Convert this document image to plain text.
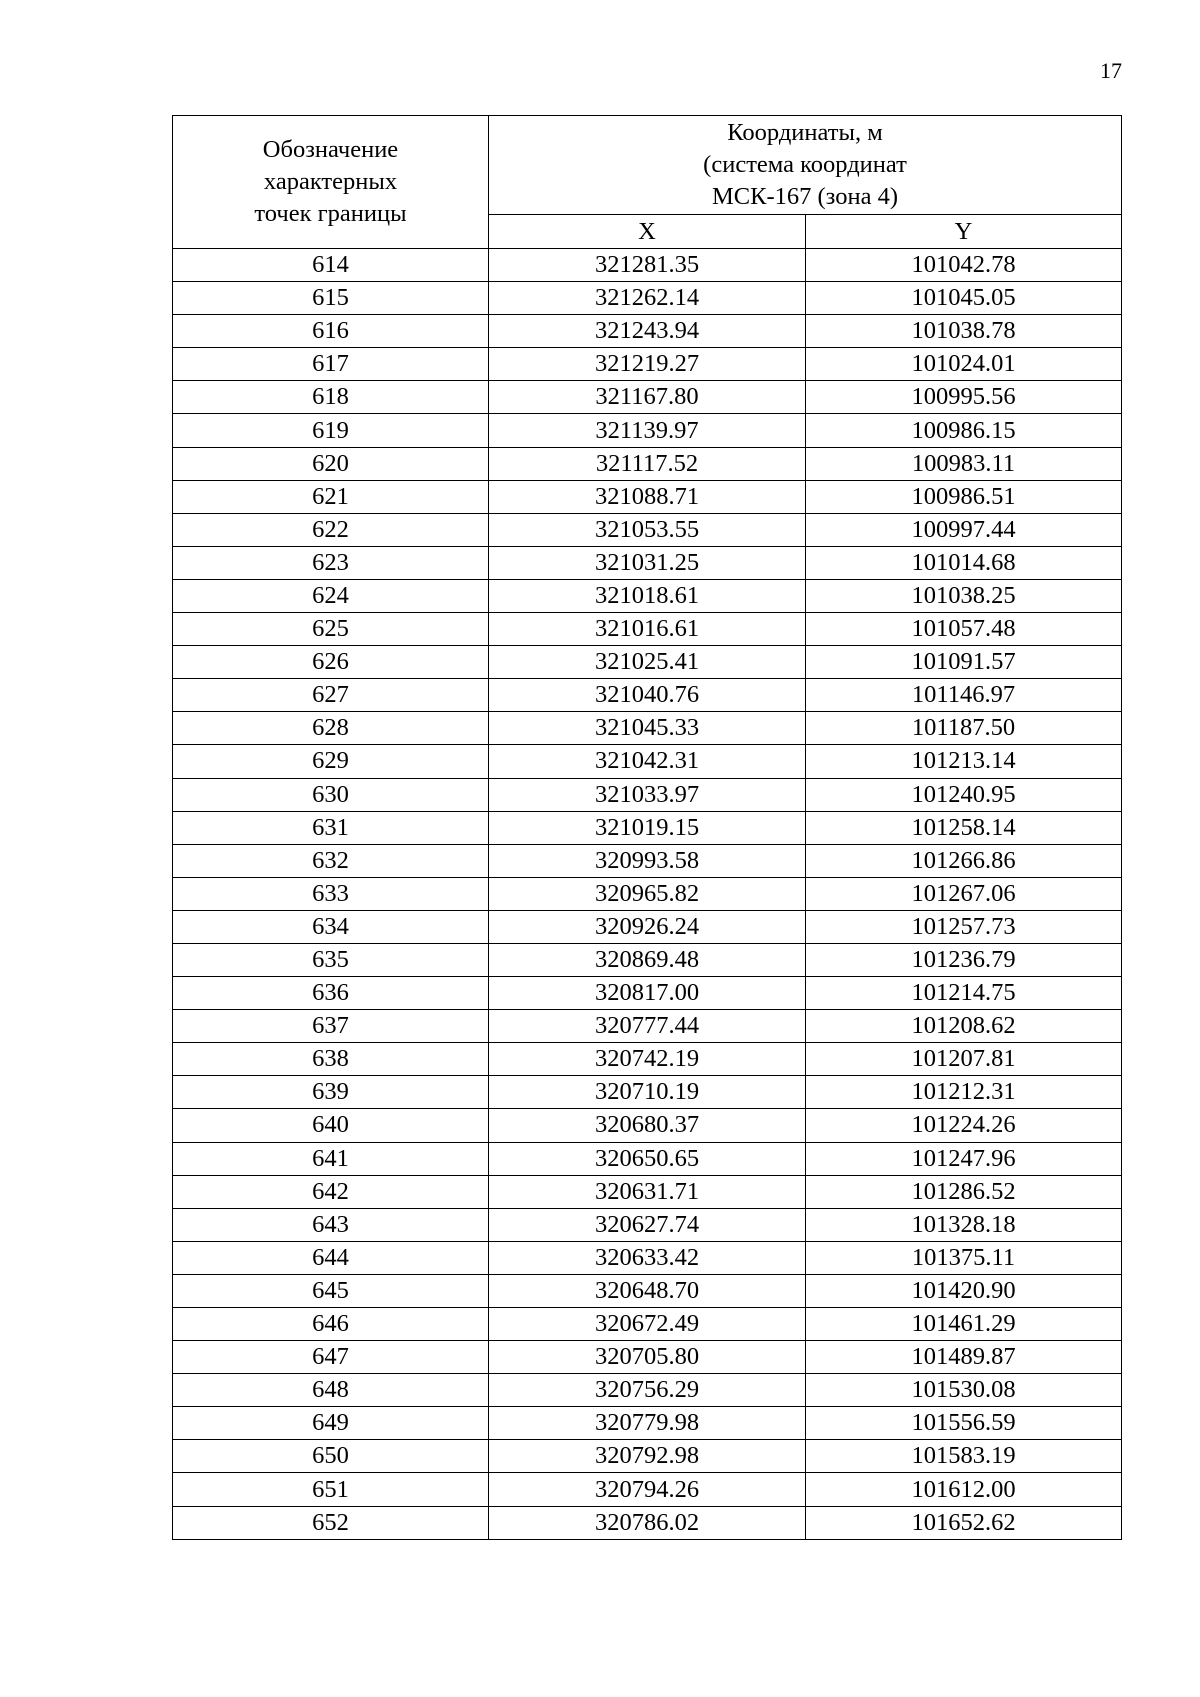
17
Обозначение
характерных
точек границы	Координаты, м
(система координат
МСК-167 (зона 4)	

	X	Y
614	321281.35	101042.78
615	321262.14	101045.05
616	321243.94	101038.78
617	321219.27	101024.01
618	321167.80	100995.56
619	321139.97	100986.15
620	321117.52	100983.11
621	321088.71	100986.51
622	321053.55	100997.44
623	321031.25	101014.68
624	321018.61	101038.25
625	321016.61	101057.48
626	321025.41	101091.57
627	321040.76	101146.97
628	321045.33	101187.50
629	321042.31	101213.14
630	321033.97	101240.95
631	321019.15	101258.14
632	320993.58	101266.86
633	320965.82	101267.06
634	320926.24	101257.73
635	320869.48	101236.79
636	320817.00	101214.75
637	320777.44	101208.62
638	320742.19	101207.81
639	320710.19	101212.31
640	320680.37	101224.26
641	320650.65	101247.96
642	320631.71	101286.52
643	320627.74	101328.18
644	320633.42	101375.11
645	320648.70	101420.90
646	320672.49	101461.29
647	320705.80	101489.87
648	320756.29	101530.08
649	320779.98	101556.59
650	320792.98	101583.19
651	320794.26	101612.00
652	320786.02	101652.62
